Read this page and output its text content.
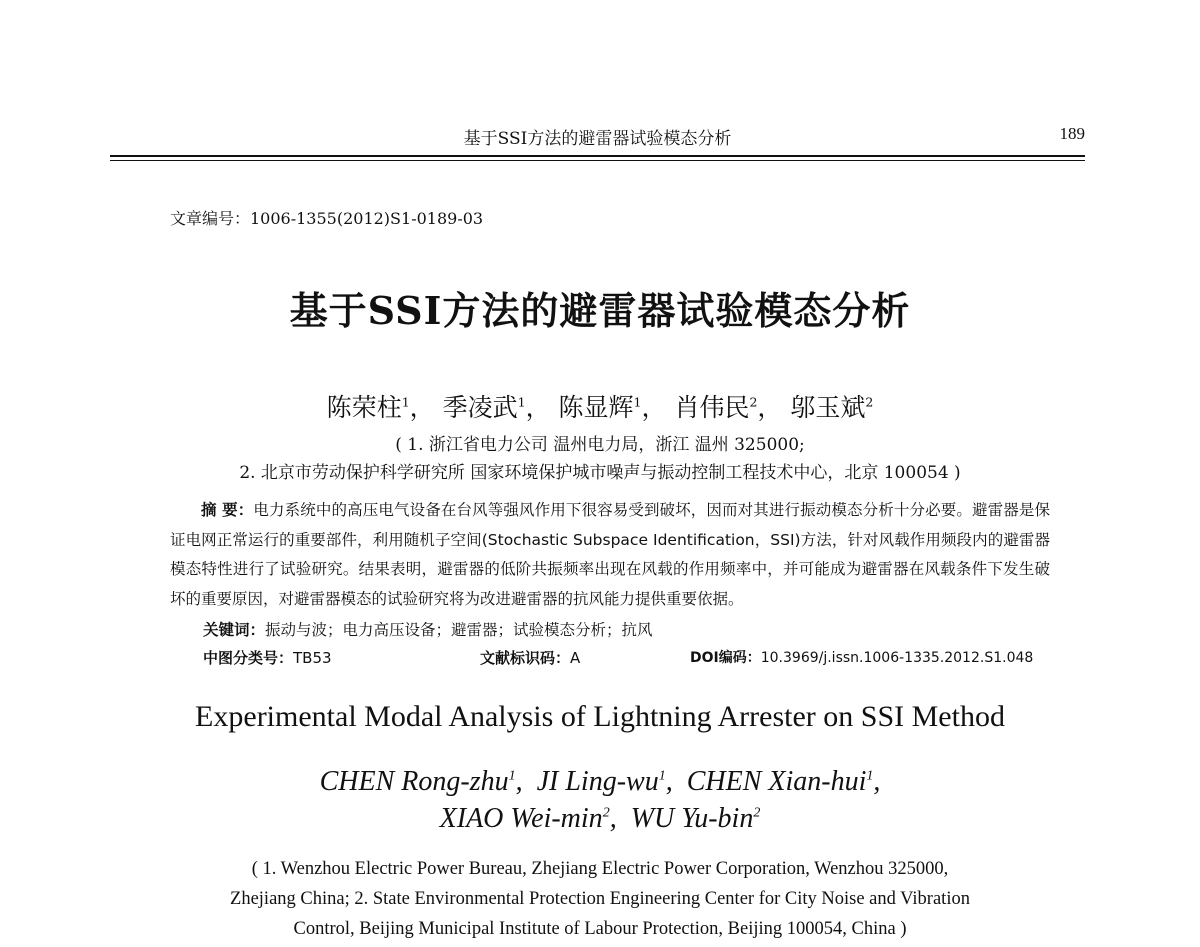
基于SSI方法的避雷器试验模态分析	189
文章编号：1006-1355(2012)S1-0189-03
基于SSI方法的避雷器试验模态分析
陈荣柱$^1$， 季凌武$^1$， 陈显辉$^1$， 肖伟民$^2$， 邬玉斌$^2$
( 1. 浙江省电力公司 温州电力局，浙江 温州 325000;
2. 北京市劳动保护科学研究所 国家环境保护城市噪声与振动控制工程技术中心，北京 100054 )
摘 要：电力系统中的高压电气设备在台风等强风作用下很容易受到破坏，因而对其进行振动模态分析十分必要。避雷器是保证电网正常运行的重要部件，利用随机子空间(Stochastic Subspace Identification，SSI)方法，针对风载作用频段内的避雷器模态特性进行了试验研究。结果表明，避雷器的低阶共振频率出现在风载的作用频率中，并可能成为避雷器在风载条件下发生破坏的重要原因，对避雷器模态的试验研究将为改进避雷器的抗风能力提供重要依据。
关键词：振动与波；电力高压设备；避雷器；试验模态分析；抗风
中图分类号：TB53	文献标识码：A	DOI编码：10.3969/j.issn.1006-1335.2012.S1.048
Experimental Modal Analysis of Lightning Arrester on SSI Method
CHEN Rong-zhu$^1$,  JI Ling-$wu^1$,  CHEN Xian-hui$^1$,
XIAO Wei-$\min^2$,  WU Yu-bin$^2$
( 1. Wenzhou Electric Power Bureau, Zhejiang Electric Power Corporation, Wenzhou 325000,
Zhejiang China; 2. State Environmental Protection Engineering Center for City Noise and Vibration
Control, Beijing Municipal Institute of Labour Protection, Beijing 100054, China )
